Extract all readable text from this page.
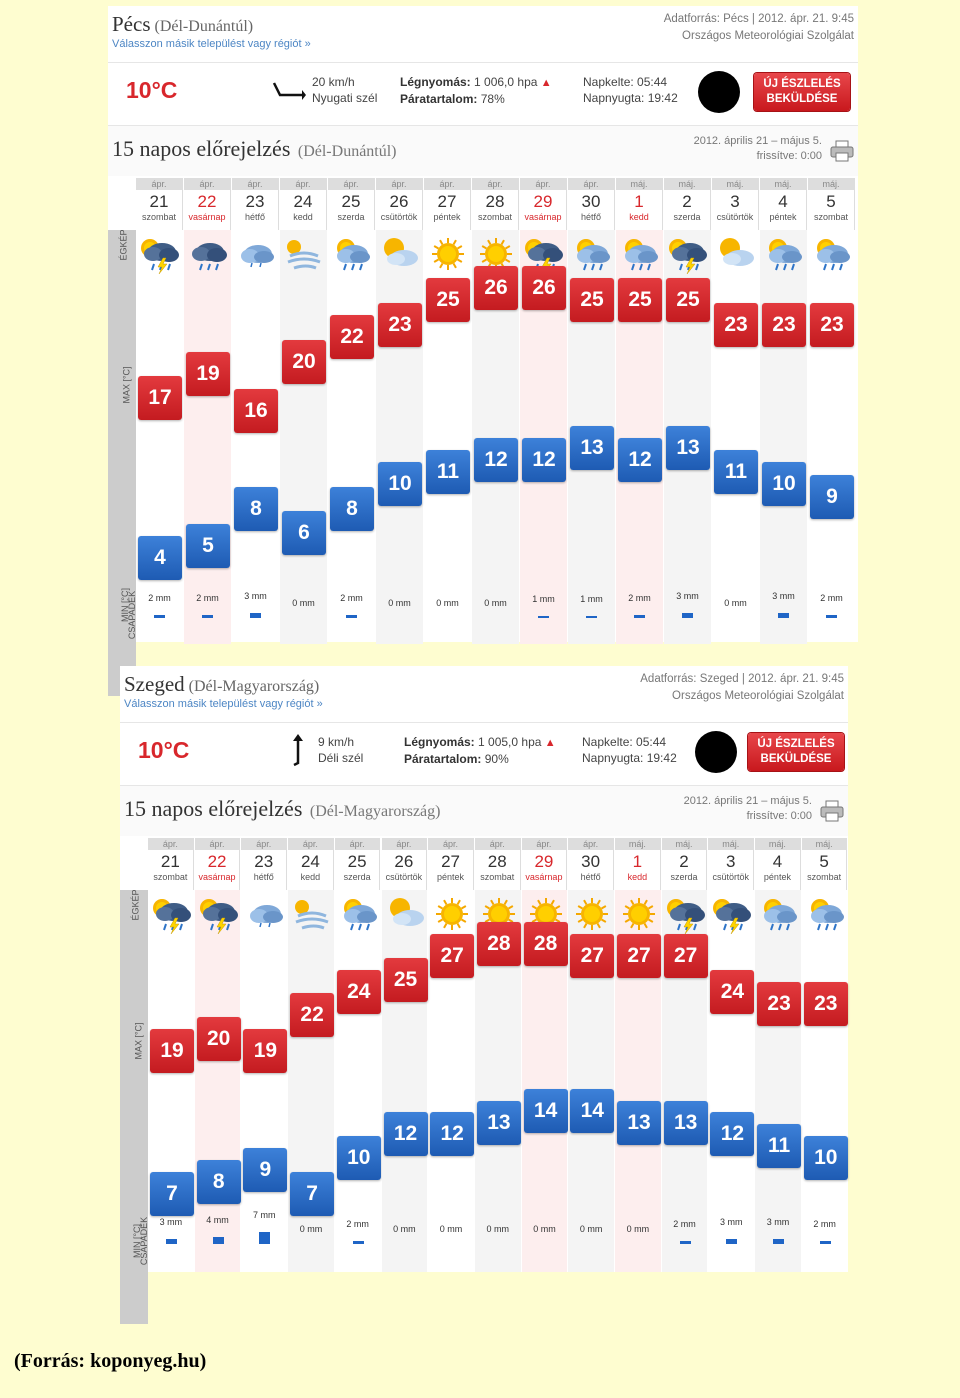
Pécs (Dél-Dunántúl)
Válasszon másik települést vagy régiót »
Adatforrás: Pécs | 2012. ápr. 21. 9:45
Országos Meteorológiai Szolgálat
10°C	20 km/h
Nyugati szél
Légnyomás: 1 006,0 hpa ▲
Páratartalom: 78%
Napkelte: 05:44
Napnyugta: 19:42
ÚJ ÉSZLELÉS
BEKÜLDÉSE
15 napos előrejelzés (Dél-Dunántúl)
2012. április 21 – május 5.
frissítve: 0:00
ÉGKÉP
MAX [°C]
MIN [°C]
CSAPADÉK
ápr.
21
szombat
17
4
2 mm
ápr.
22
vasárnap
19
5
2 mm
ápr.
23
hétfő
16
8
3 mm
ápr.
24
kedd
20
6
0 mm
ápr.
25
szerda
22
8
2 mm
ápr.
26
csütörtök
23
10
0 mm
ápr.
27
péntek
25
11
0 mm
ápr.
28
szombat
26
12
0 mm
ápr.
29
vasárnap
26
12
1 mm
ápr.
30
hétfő
25
13
1 mm
máj.
1
kedd
25
12
2 mm
máj.
2
szerda
25
13
3 mm
máj.
3
csütörtök
23
11
0 mm
máj.
4
péntek
23
10
3 mm
máj.
5
szombat
23
9
2 mm
Szeged (Dél-Magyarország)
Válasszon másik települést vagy régiót »
Adatforrás: Szeged | 2012. ápr. 21. 9:45
Országos Meteorológiai Szolgálat
10°C	9 km/h
Déli szél
Légnyomás: 1 005,0 hpa ▲
Páratartalom: 90%
Napkelte: 05:44
Napnyugta: 19:42
ÚJ ÉSZLELÉS
BEKÜLDÉSE
15 napos előrejelzés (Dél-Magyarország)
2012. április 21 – május 5.
frissítve: 0:00
ÉGKÉP
MAX [°C]
MIN [°C]
CSAPADÉK
ápr.
21
szombat
19
7
3 mm
ápr.
22
vasárnap
20
8
4 mm
ápr.
23
hétfő
19
9
7 mm
ápr.
24
kedd
22
7
0 mm
ápr.
25
szerda
24
10
2 mm
ápr.
26
csütörtök
25
12
0 mm
ápr.
27
péntek
27
12
0 mm
ápr.
28
szombat
28
13
0 mm
ápr.
29
vasárnap
28
14
0 mm
ápr.
30
hétfő
27
14
0 mm
máj.
1
kedd
27
13
0 mm
máj.
2
szerda
27
13
2 mm
máj.
3
csütörtök
24
12
3 mm
máj.
4
péntek
23
11
3 mm
máj.
5
szombat
23
10
2 mm
(Forrás: koponyeg.hu)
